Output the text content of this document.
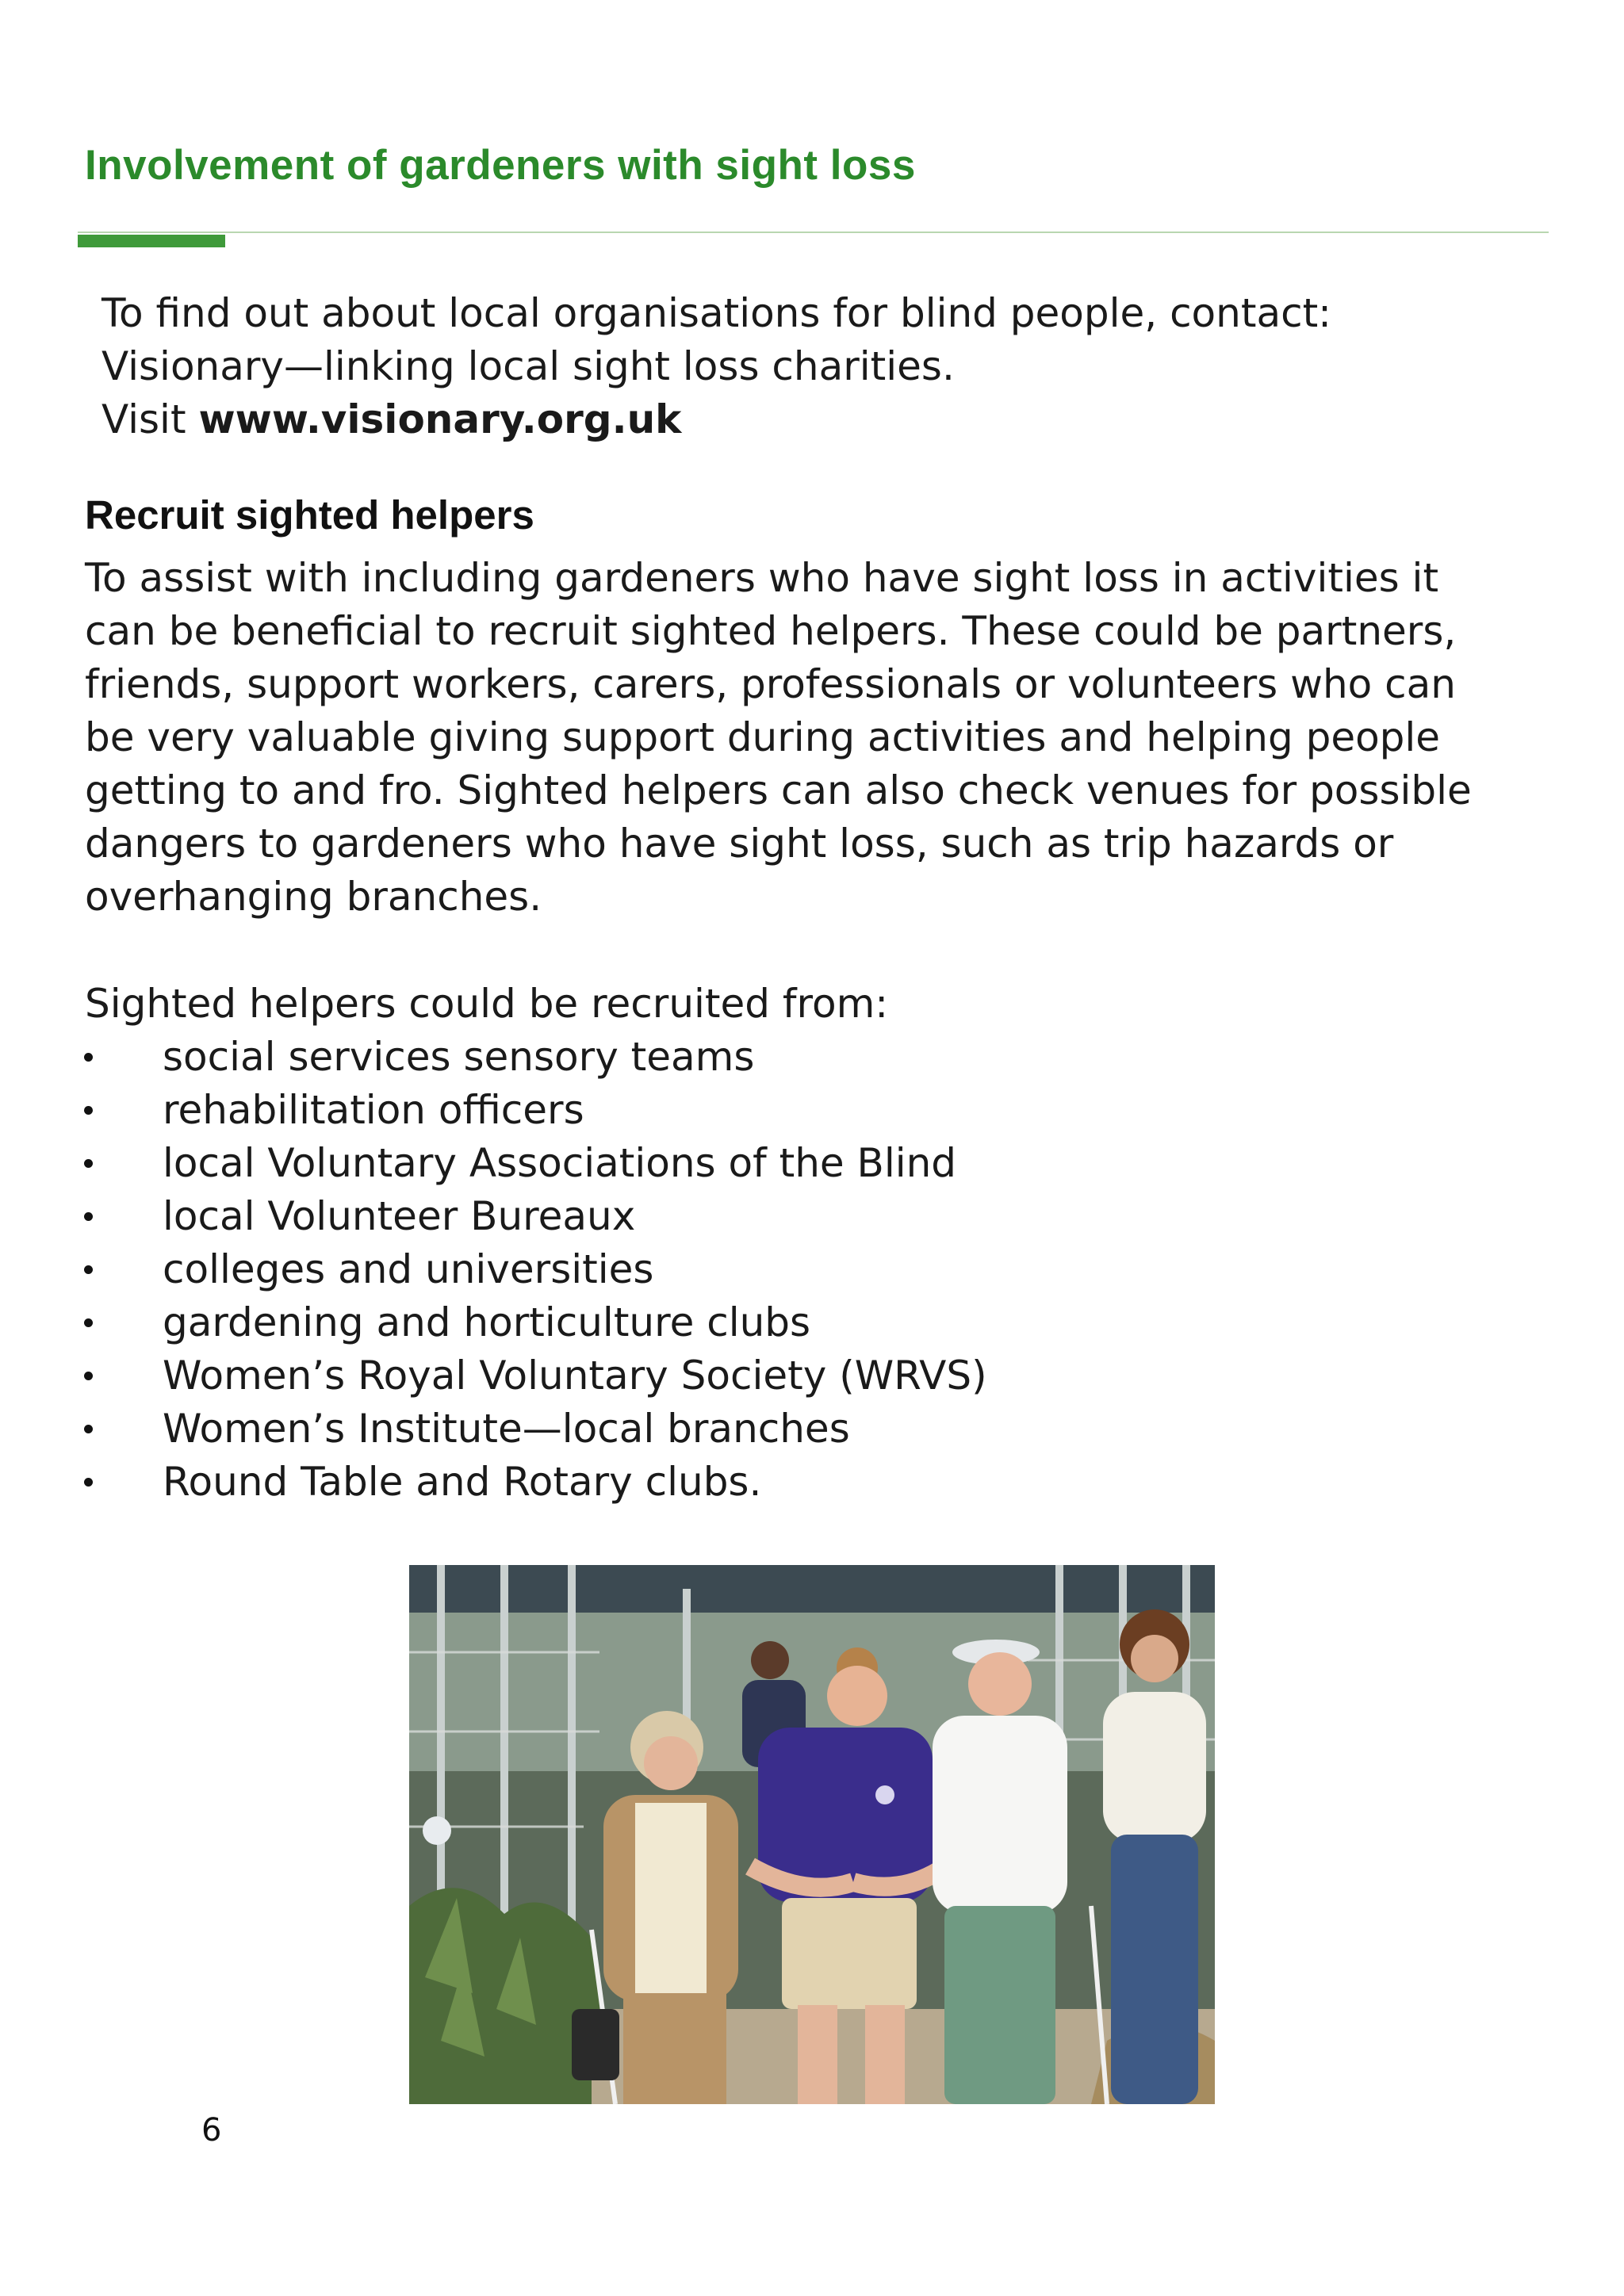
Involvement of gardeners with sight loss

To find out about local organisations for blind people, contact:
Visionary—linking local sight loss charities.
Visit www.visionary.org.uk

Recruit sighted helpers

To assist with including gardeners who have sight loss in activities it
can be beneficial to recruit sighted helpers. These could be partners,
friends, support workers, carers, professionals or volunteers who can
be very valuable giving support during activities and helping people
getting to and fro. Sighted helpers can also check venues for possible
dangers to gardeners who have sight loss, such as trip hazards or
overhanging branches.

Sighted helpers could be recruited from:

social services sensory teams
rehabilitation officers
local Voluntary Associations of the Blind
local Volunteer Bureaux
colleges and universities
gardening and horticulture clubs
Women’s Royal Voluntary Society (WRVS)
Women’s Institute—local branches
Round Table and Rotary clubs.

6
